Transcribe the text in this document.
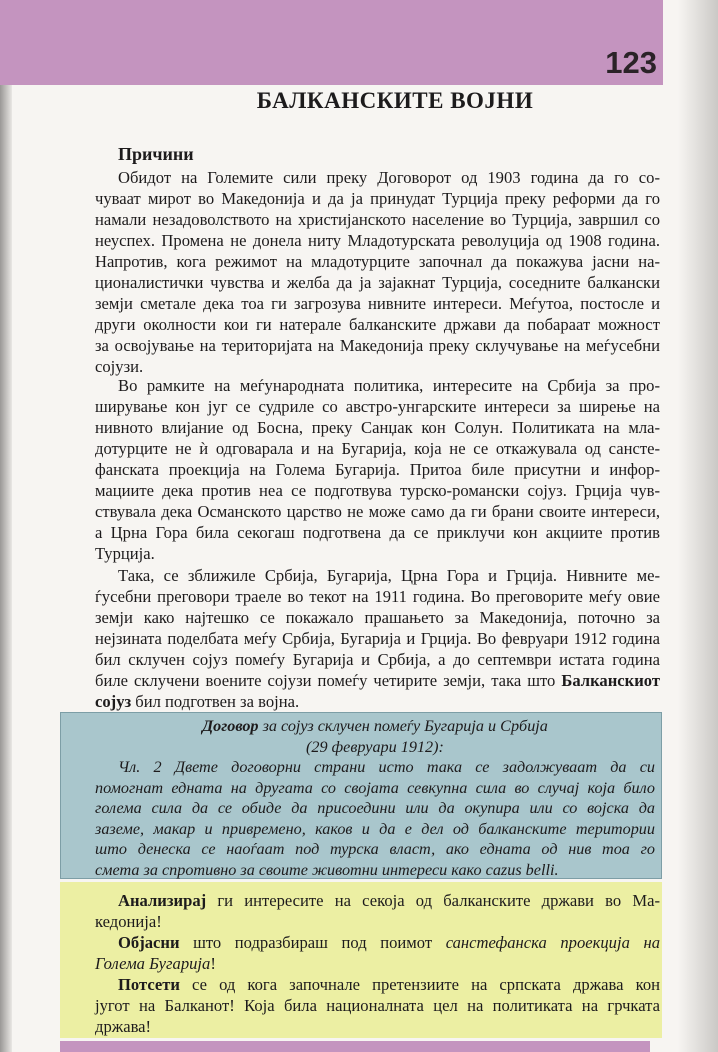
123
БАЛКАНСКИТЕ ВОЈНИ
Причини
Обидот на Големите сили преку Договорот од 1903 година да го со-
чуваат мирот во Македонија и да ја принудат Турција преку реформи да го
намали незадоволството на христијанското население во Турција, завршил со
неуспех. Промена не донела ниту Младотурската револуција од 1908 година.
Напротив, кога режимот на младотурците започнал да покажува јасни на-
ционалистички чувства и желба да ја зајакнат Турција, соседните балкански
земји сметале дека тоа ги загрозува нивните интереси. Меѓутоа, постосле и
други околности кои ги натерале балканските држави да побараат можност
за освојување на територијата на Македонија преку склучување на меѓусебни
сојузи.
Во рамките на меѓународната политика, интересите на Србија за про-
ширување кон југ се судриле со австро-унгарските интереси за ширење на
нивното влијание од Босна, преку Санџак кон Солун. Политиката на мла-
дотурците не ѝ одговарала и на Бугарија, која не се откажувала од сансте-
фанската проекција на Голема Бугарија. Притоа биле присутни и инфор-
мациите дека против неа се подготвува турско-романски сојуз. Грција чув-
ствувала дека Османското царство не може само да ги брани своите интереси,
а Црна Гора била секогаш подготвена да се приклучи кон акциите против
Турција.
Така, се зближиле Србија, Бугарија, Црна Гора и Грција. Нивните ме-
ѓусебни преговори траеле во текот на 1911 година. Во преговорите меѓу овие
земји како најтешко се покажало прашањето за Македонија, поточно за
нејзината поделбата меѓу Србија, Бугарија и Грција. Во февруари 1912 година
бил склучен сојуз помеѓу Бугарија и Србија, а до септември истата година
биле склучени воените сојузи помеѓу четирите земји, така што Балканскиот
сојуз бил подготвен за војна.
Договор за сојуз склучен помеѓу Бугарија и Србија
(29 февруари 1912):
Чл. 2 Двете договорни страни исто така се задолжуваат да си
помогнат едната на другата со својата севкупна сила во случај која било
голема сила да се обиде да присоедини или да окупира или со војска да
заземе, макар и привремено, каков и да е дел од балканските територии
што денеска се наоѓаат под турска власт, ако едната од нив тоа го
смета за спротивно за своите животни интереси како cazus belli.
Анализирај ги интересите на секоја од балканските држави во Ма-
кедонија!
Објасни што подразбираш под поимот санстефанска проекција на
Голема Бугарија!
Потсети се од кога започнале претензиите на српската држава кон
југот на Балканот! Која била националната цел на политиката на грчката
држава!
